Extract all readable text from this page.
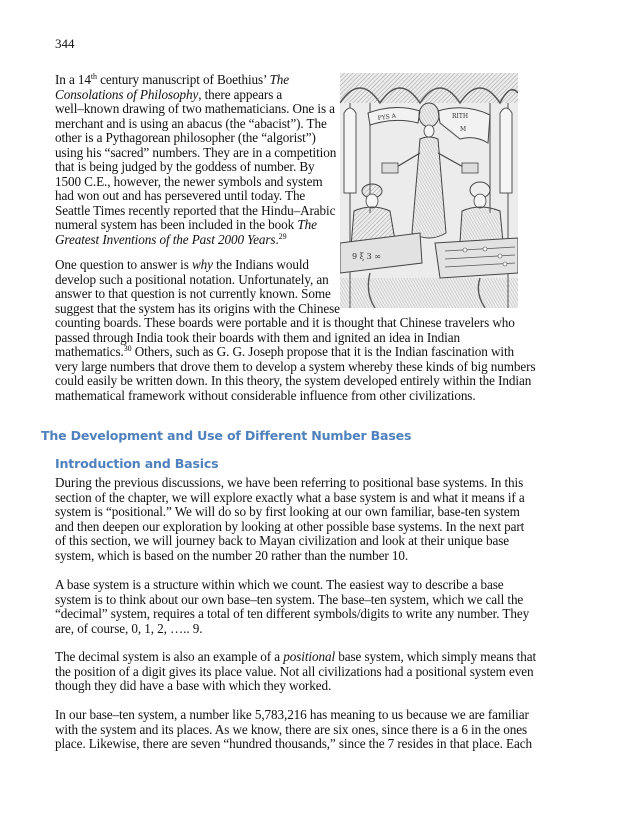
344
In a 14th century manuscript of Boethius’ The
Consolations of Philosophy, there appears a
well–known drawing of two mathematicians. One is a
merchant and is using an abacus (the “abacist”). The
other is a Pythagorean philosopher (the “algorist”)
using his “sacred” numbers. They are in a competition
that is being judged by the goddess of number. By
1500 C.E., however, the newer symbols and system
had won out and has persevered until today. The
Seattle Times recently reported that the Hindu–Arabic
numeral system has been included in the book The
Greatest Inventions of the Past 2000 Years.$^{29}$
PYS A	RITH
M
9 ξ 3 ∞
One question to answer is why the Indians would
develop such a positional notation. Unfortunately, an
answer to that question is not currently known. Some
suggest that the system has its origins with the Chinese
counting boards. These boards were portable and it is thought that Chinese travelers who
passed through India took their boards with them and ignited an idea in Indian
mathematics.$^{30}$ Others, such as G. G. Joseph propose that it is the Indian fascination with
very large numbers that drove them to develop a system whereby these kinds of big numbers
could easily be written down. In this theory, the system developed entirely within the Indian
mathematical framework without considerable influence from other civilizations.
The Development and Use of Different Number Bases
Introduction and Basics
During the previous discussions, we have been referring to positional base systems. In this
section of the chapter, we will explore exactly what a base system is and what it means if a
system is “positional.” We will do so by first looking at our own familiar, base-ten system
and then deepen our exploration by looking at other possible base systems. In the next part
of this section, we will journey back to Mayan civilization and look at their unique base
system, which is based on the number 20 rather than the number 10.
A base system is a structure within which we count. The easiest way to describe a base
system is to think about our own base–ten system. The base–ten system, which we call the
“decimal” system, requires a total of ten different symbols/digits to write any number. They
are, of course, 0, 1, 2, ….. 9.
The decimal system is also an example of a positional base system, which simply means that
the position of a digit gives its place value. Not all civilizations had a positional system even
though they did have a base with which they worked.
In our base–ten system, a number like 5,783,216 has meaning to us because we are familiar
with the system and its places. As we know, there are six ones, since there is a 6 in the ones
place. Likewise, there are seven “hundred thousands,” since the 7 resides in that place. Each
